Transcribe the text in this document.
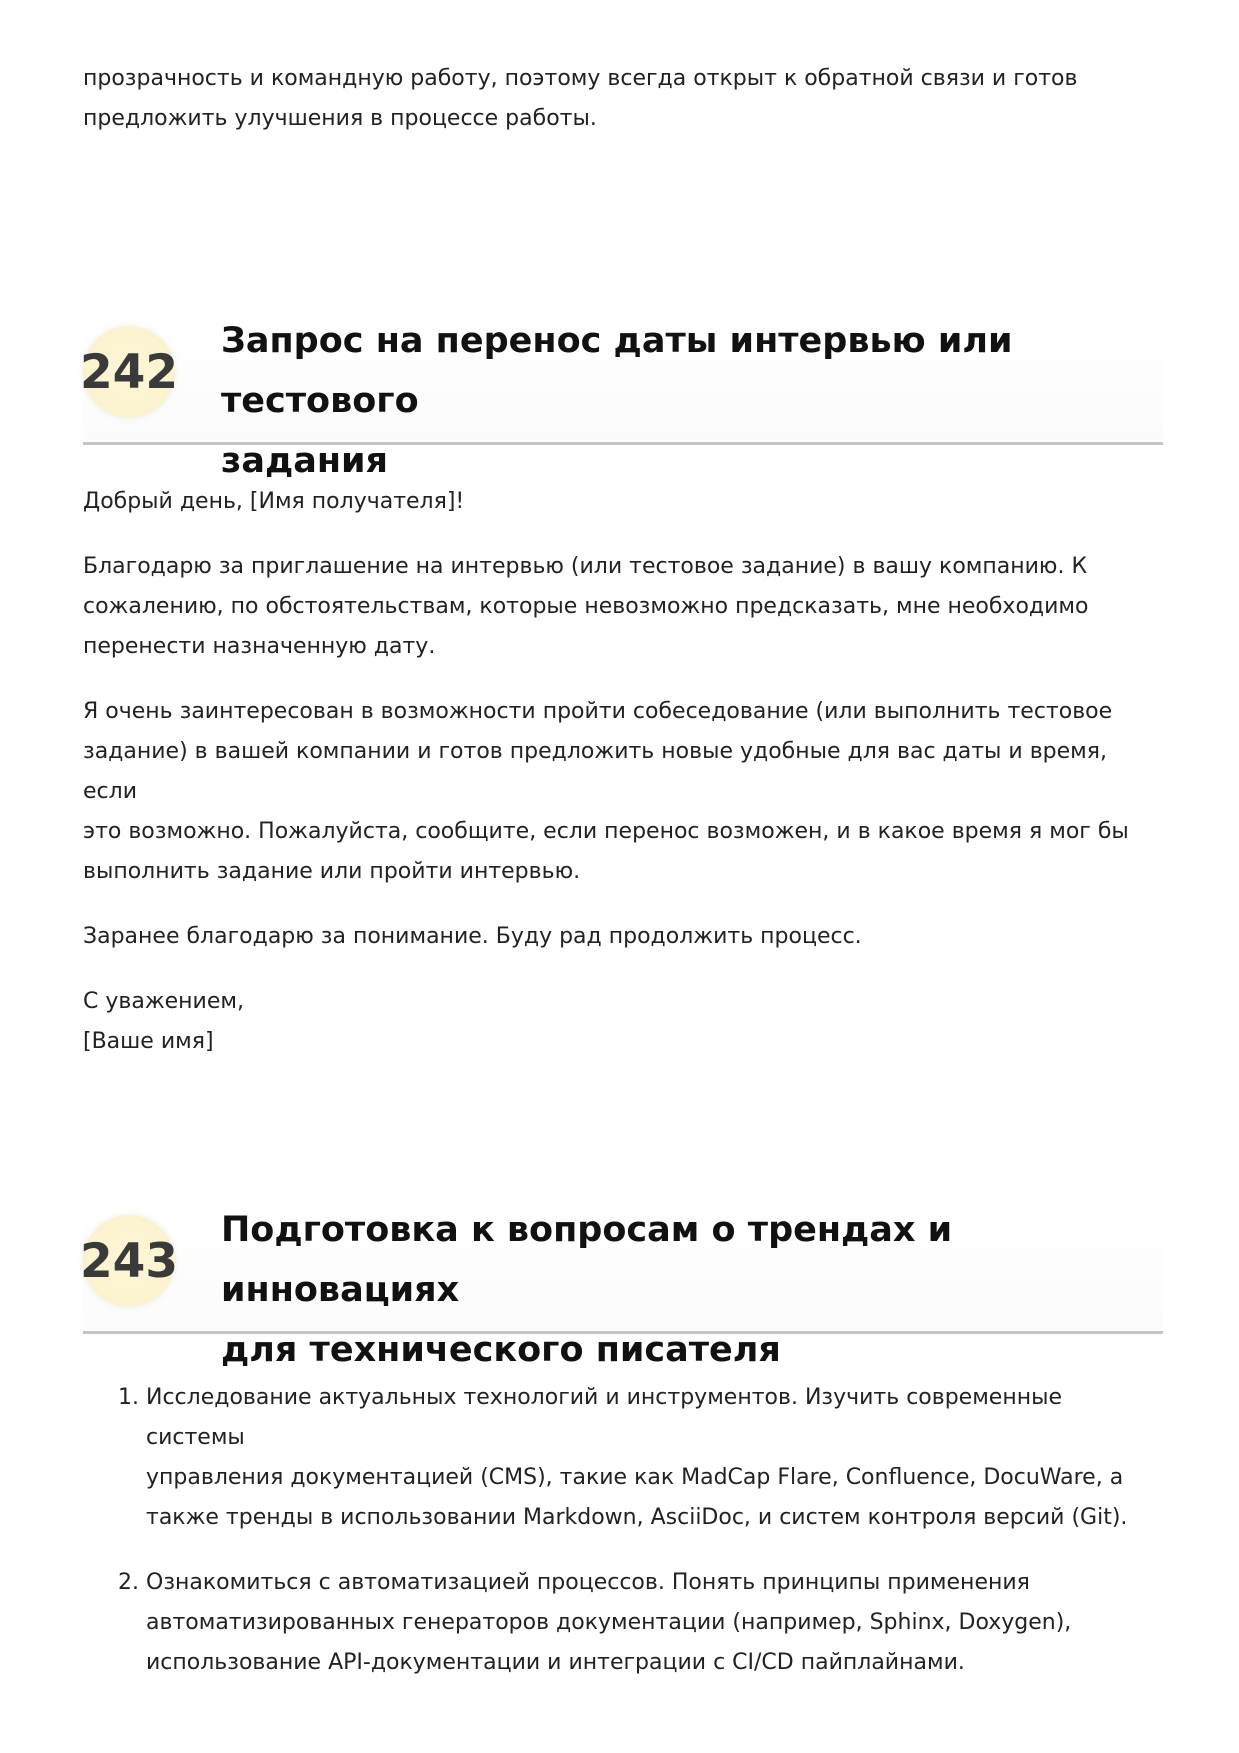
прозрачность и командную работу, поэтому всегда открыт к обратной связи и готов
предложить улучшения в процессе работы.

242
Запрос на перенос даты интервью или тестового
задания

Добрый день, [Имя получателя]!

Благодарю за приглашение на интервью (или тестовое задание) в вашу компанию. К
сожалению, по обстоятельствам, которые невозможно предсказать, мне необходимо
перенести назначенную дату.

Я очень заинтересован в возможности пройти собеседование (или выполнить тестовое
задание) в вашей компании и готов предложить новые удобные для вас даты и время, если
это возможно. Пожалуйста, сообщите, если перенос возможен, и в какое время я мог бы
выполнить задание или пройти интервью.

Заранее благодарю за понимание. Буду рад продолжить процесс.

С уважением,
[Ваше имя]

243
Подготовка к вопросам о трендах и инновациях
для технического писателя
1. Исследование актуальных технологий и инструментов. Изучить современные системы
управления документацией (CMS), такие как MadCap Flare, Confluence, DocuWare, а
также тренды в использовании Markdown, AsciiDoc, и систем контроля версий (Git).
2. Ознакомиться с автоматизацией процессов. Понять принципы применения
автоматизированных генераторов документации (например, Sphinx, Doxygen),
использование API-документации и интеграции с CI/CD пайплайнами.
